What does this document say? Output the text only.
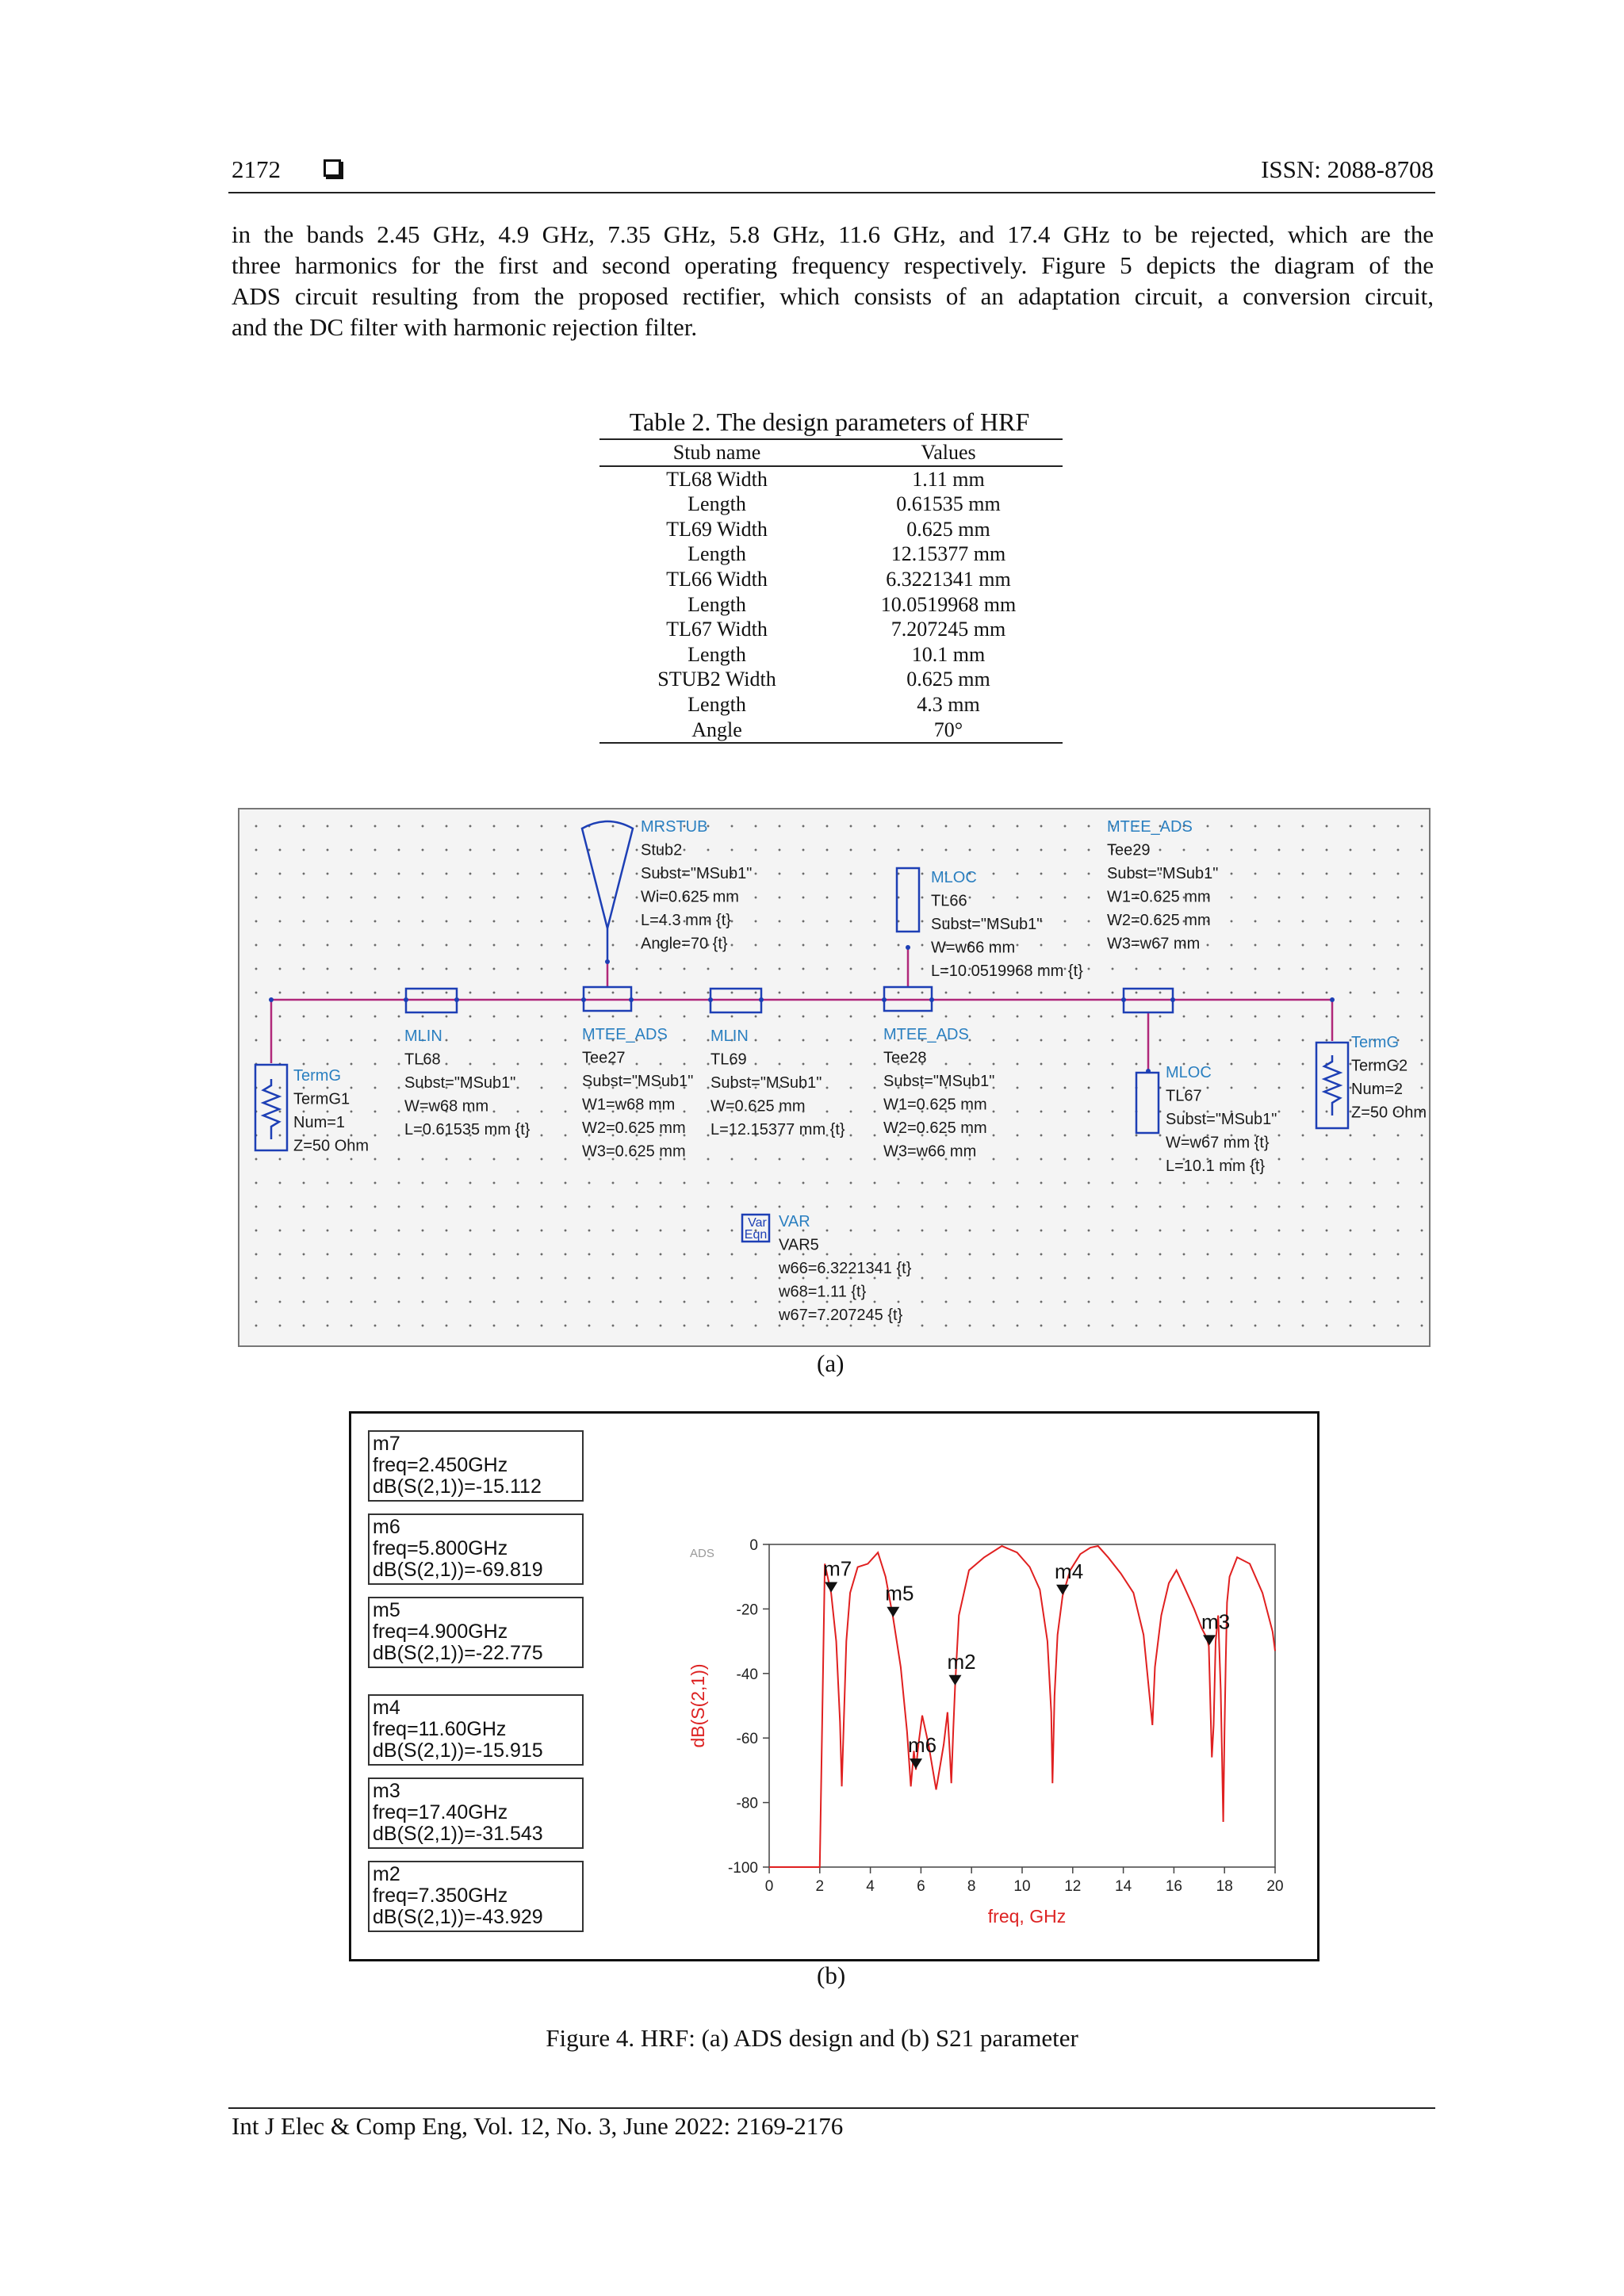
2172	ISSN: 2088-8708
in the bands 2.45 GHz, 4.9 GHz, 7.35 GHz, 5.8 GHz, 11.6 GHz, and 17.4 GHz to be rejected, which are the
three harmonics for the first and second operating frequency respectively. Figure 5 depicts the diagram of the
ADS circuit resulting from the proposed rectifier, which consists of an adaptation circuit, a conversion circuit,
and the DC filter with harmonic rejection filter.
Table 2. The design parameters of HRF
Stub name	Values
TL68 Width	1.11 mm
Length	0.61535 mm
TL69 Width	0.625 mm
Length	12.15377 mm
TL66 Width	6.3221341 mm
Length	10.0519968 mm
TL67 Width	7.207245 mm
Length	10.1 mm
STUB2 Width	0.625 mm
Length	4.3 mm
Angle	70°
Var
Eqn
MRSTUB
Stub2
Subst="MSub1"
Wi=0.625 mm
L=4.3 mm {t}
Angle=70 {t}
MLOC
TL66
Subst="MSub1"
W=w66 mm
L=10.0519968 mm {t}
MTEE_ADS
Tee29
Subst="MSub1"
W1=0.625 mm
W2=0.625 mm
W3=w67 mm
TermG
TermG1
Num=1
Z=50 Ohm
MLIN
TL68
Subst="MSub1"
W=w68 mm
L=0.61535 mm {t}
MTEE_ADS
Tee27
Subst="MSub1"
W1=w68 mm
W2=0.625 mm
W3=0.625 mm
MLIN
TL69
Subst="MSub1"
W=0.625 mm
L=12.15377 mm {t}
MTEE_ADS
Tee28
Subst="MSub1"
W1=0.625 mm
W2=0.625 mm
W3=w66 mm
MLOC
TL67
Subst="MSub1"
W=w67 mm {t}
L=10.1 mm {t}
TermG
TermG2
Num=2
Z=50 Ohm
VAR
VAR5
w66=6.3221341 {t}
w68=1.11 {t}
w67=7.207245 {t}
(a)
m7
freq=2.450GHz
dB(S(2,1))=-15.112
m6
freq=5.800GHz
dB(S(2,1))=-69.819
m5
freq=4.900GHz
dB(S(2,1))=-22.775
m4
freq=11.60GHz
dB(S(2,1))=-15.915
m3
freq=17.40GHz
dB(S(2,1))=-31.543
m2
freq=7.350GHz
dB(S(2,1))=-43.929
ADS 0
-20
-40
-60
-80
-100
0	2	4	6	8	10 12 14 16 18 20
freq, GHz
dB(S(2,1))
m7
m5
m2
m6
m4
m3
(b)
Figure 4. HRF: (a) ADS design and (b) S21 parameter
Int J Elec & Comp Eng, Vol. 12, No. 3, June 2022: 2169-2176
